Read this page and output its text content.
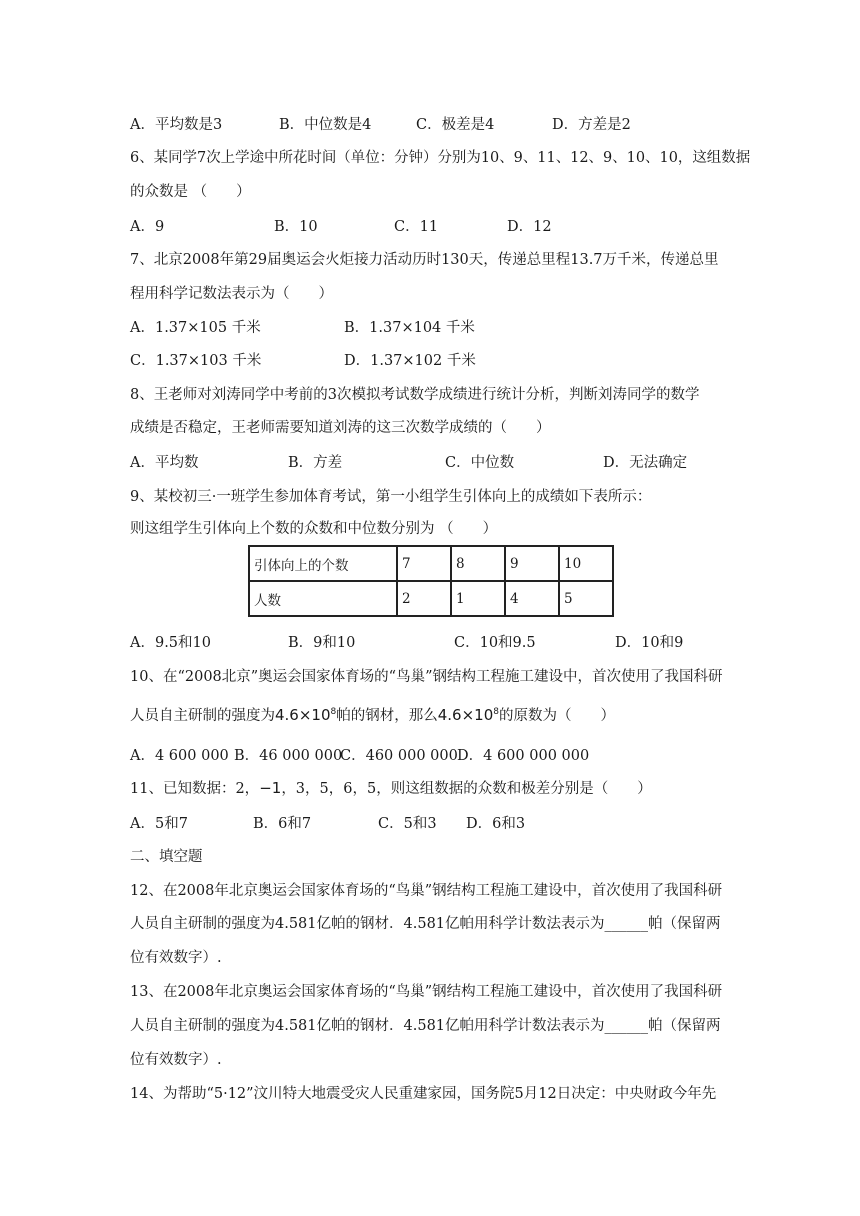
A．平均数是3	B．中位数是4	C．极差是4	D．方差是2
6、某同学7次上学途中所花时间（单位：分钟）分别为10、9、11、12、9、10、10，这组数据
的众数是 （　　）
A．9	B．10	C．11	D．12
7、北京2008年第29届奥运会火炬接力活动历时130天，传递总里程13.7万千米，传递总里
程用科学记数法表示为（　　）
A．1.37×105 千米	B．1.37×104 千米
C．1.37×103 千米	D．1.37×102 千米
8、王老师对刘涛同学中考前的3次模拟考试数学成绩进行统计分析，判断刘涛同学的数学
成绩是否稳定，王老师需要知道刘涛的这三次数学成绩的（　　）
A．平均数	B．方差	C．中位数	D．无法确定
9、某校初三·一班学生参加体育考试，第一小组学生引体向上的成绩如下表所示：
则这组学生引体向上个数的众数和中位数分别为 （　　）
引体向上的个数	7	8	9	10
人数	2	1	4	5
A．9.5和10	B．9和10	C．10和9.5	D．10和9
10、在“2008北京”奥运会国家体育场的“鸟巢”钢结构工程施工建设中，首次使用了我国科研
人员自主研制的强度为$4.6\times 10^8$帕的钢材，那么$4.6\times 10^8$的原数为（　　）
A．4 600 000 B．46 000 000
C．460 000 000 D．4 600 000 000
11、已知数据：2，−1，3，5，6，5，则这组数据的众数和极差分别是（　　）
A．5和7	B．6和7	C．5和3 D．6和3
二、填空题
12、在2008年北京奥运会国家体育场的“鸟巢”钢结构工程施工建设中，首次使用了我国科研
人员自主研制的强度为4.581亿帕的钢材．4.581亿帕用科学计数法表示为______帕（保留两
位有效数字）.
13、在2008年北京奥运会国家体育场的“鸟巢”钢结构工程施工建设中，首次使用了我国科研
人员自主研制的强度为4.581亿帕的钢材．4.581亿帕用科学计数法表示为______帕（保留两
位有效数字）.
14、为帮助“5·12”汶川特大地震受灾人民重建家园，国务院5月12日决定：中央财政今年先
